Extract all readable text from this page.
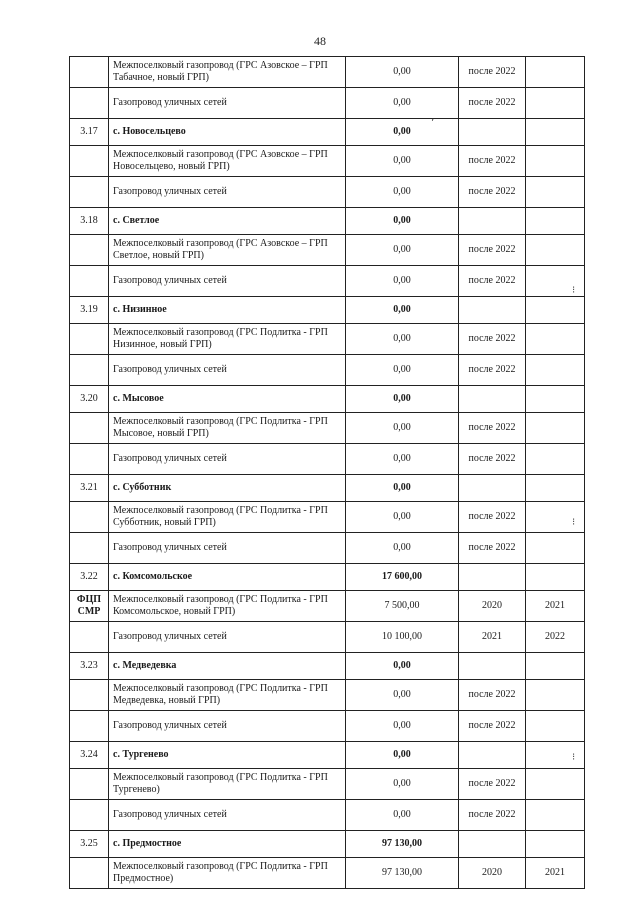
48
	Межпоселковый газопровод (ГРС Азовское – ГРП Табачное, новый ГРП)	0,00	после 2022	
	Газопровод уличных сетей	0,00	после 2022	
3.17	с. Новосельцево	0,00		
	Межпоселковый газопровод (ГРС Азовское – ГРП Новосельцево, новый ГРП)	0,00	после 2022	
	Газопровод уличных сетей	0,00	после 2022	
3.18	с. Светлое	0,00		
	Межпоселковый газопровод (ГРС Азовское – ГРП Светлое, новый ГРП)	0,00	после 2022	
	Газопровод уличных сетей	0,00	после 2022	
3.19	с. Низинное	0,00		
	Межпоселковый газопровод (ГРС Подлитка - ГРП Низинное, новый ГРП)	0,00	после 2022	
	Газопровод уличных сетей	0,00	после 2022	
3.20	с. Мысовое	0,00		
	Межпоселковый газопровод (ГРС Подлитка - ГРП Мысовое, новый ГРП)	0,00	после 2022	
	Газопровод уличных сетей	0,00	после 2022	
3.21	с. Субботник	0,00		
	Межпоселковый газопровод (ГРС Подлитка - ГРП Субботник, новый ГРП)	0,00	после 2022	
	Газопровод уличных сетей	0,00	после 2022	
3.22	с. Комсомольское	17 600,00		
ФЦП СМР	Межпоселковый газопровод (ГРС Подлитка - ГРП Комсомольское, новый ГРП)	7 500,00	2020	2021
	Газопровод уличных сетей	10 100,00	2021	2022
3.23	с. Медведевка	0,00		
	Межпоселковый газопровод (ГРС Подлитка - ГРП Медведевка, новый ГРП)	0,00	после 2022	
	Газопровод уличных сетей	0,00	после 2022	
3.24	с. Тургенево	0,00		
	Межпоселковый газопровод (ГРС Подлитка - ГРП Тургенево)	0,00	после 2022	
	Газопровод уличных сетей	0,00	после 2022	
3.25	с. Предмостное	97 130,00		
	Межпоселковый газопровод (ГРС Подлитка - ГРП Предмостное)	97 130,00	2020	2021
ʼ
⁝
⁝
⁝
